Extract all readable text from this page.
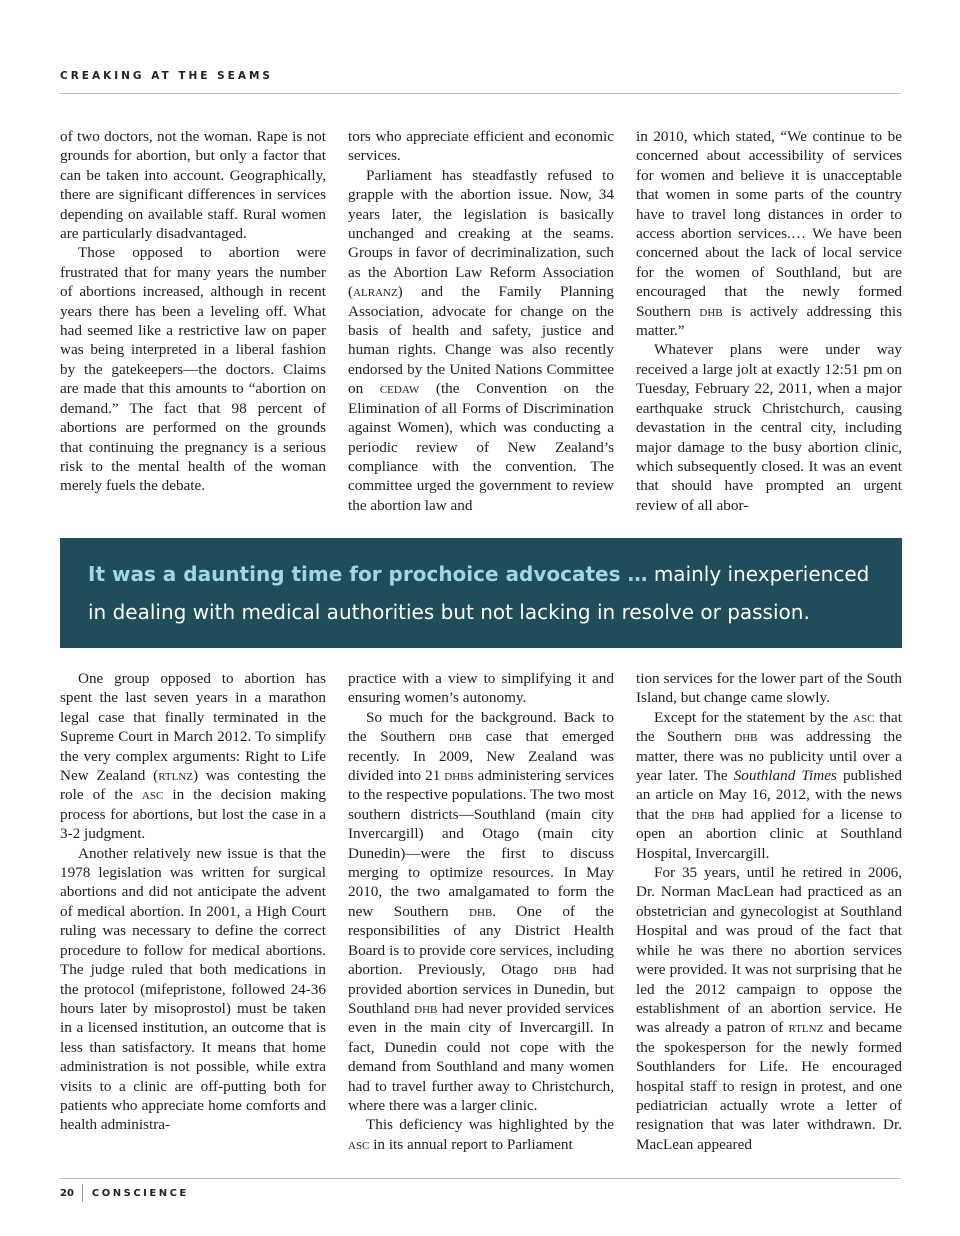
CREAKING AT THE SEAMS

of two doctors, not the woman. Rape is not grounds for abortion, but only a factor that can be taken into account. Geographically, there are significant differences in services depending on available staff. Rural women are particularly disadvantaged.

Those opposed to abortion were frustrated that for many years the number of abortions increased, although in recent years there has been a leveling off. What had seemed like a restrictive law on paper was being interpreted in a liberal fashion by the gatekeepers—the doctors. Claims are made that this amounts to “abortion on demand.” The fact that 98 percent of abortions are performed on the grounds that continuing the pregnancy is a serious risk to the mental health of the woman merely fuels the debate.

tors who appreciate efficient and economic services.

Parliament has steadfastly refused to grapple with the abortion issue. Now, 34 years later, the legislation is basically unchanged and creaking at the seams. Groups in favor of decriminalization, such as the Abortion Law Reform Association (alranz) and the Family Planning Association, advocate for change on the basis of health and safety, justice and human rights. Change was also recently endorsed by the United Nations Committee on cedaw (the Convention on the Elimination of all Forms of Discrimination against Women), which was conducting a periodic review of New Zealand’s compliance with the convention. The committee urged the government to review the abortion law and

in 2010, which stated, “We continue to be concerned about accessibility of services for women and believe it is unacceptable that women in some parts of the country have to travel long distances in order to access abortion services.… We have been concerned about the lack of local service for the women of Southland, but are encouraged that the newly formed Southern dhb is actively addressing this matter.”

Whatever plans were under way received a large jolt at exactly 12:51 pm on Tuesday, February 22, 2011, when a major earthquake struck Christchurch, causing devastation in the central city, including major damage to the busy abortion clinic, which subsequently closed. It was an event that should have prompted an urgent review of all abor-

It was a daunting time for prochoice advocates … mainly inexperienced in dealing with medical authorities but not lacking in resolve or passion.

One group opposed to abortion has spent the last seven years in a marathon legal case that finally terminated in the Supreme Court in March 2012. To simplify the very complex arguments: Right to Life New Zealand (rtlnz) was contesting the role of the asc in the decision making process for abortions, but lost the case in a 3-2 judgment.

Another relatively new issue is that the 1978 legislation was written for surgical abortions and did not anticipate the advent of medical abortion. In 2001, a High Court ruling was necessary to define the correct procedure to follow for medical abortions. The judge ruled that both medications in the protocol (mifepristone, followed 24-36 hours later by misoprostol) must be taken in a licensed institution, an outcome that is less than satisfactory. It means that home administration is not possible, while extra visits to a clinic are off-putting both for patients who appreciate home comforts and health administra-

practice with a view to simplifying it and ensuring women’s autonomy.

So much for the background. Back to the Southern dhb case that emerged recently. In 2009, New Zealand was divided into 21 dhbs administering services to the respective populations. The two most southern districts—Southland (main city Invercargill) and Otago (main city Dunedin)—were the first to discuss merging to optimize resources. In May 2010, the two amalgamated to form the new Southern dhb. One of the responsibilities of any District Health Board is to provide core services, including abortion. Previously, Otago dhb had provided abortion services in Dunedin, but Southland dhb had never provided services even in the main city of Invercargill. In fact, Dunedin could not cope with the demand from Southland and many women had to travel further away to Christchurch, where there was a larger clinic.

This deficiency was highlighted by the asc in its annual report to Parliament

tion services for the lower part of the South Island, but change came slowly.

Except for the statement by the asc that the Southern dhb was addressing the matter, there was no publicity until over a year later. The Southland Times published an article on May 16, 2012, with the news that the dhb had applied for a license to open an abortion clinic at Southland Hospital, Invercargill.

For 35 years, until he retired in 2006, Dr. Norman MacLean had practiced as an obstetrician and gynecologist at Southland Hospital and was proud of the fact that while he was there no abortion services were provided. It was not surprising that he led the 2012 campaign to oppose the establishment of an abortion service. He was already a patron of rtlnz and became the spokesperson for the newly formed Southlanders for Life. He encouraged hospital staff to resign in protest, and one pediatrician actually wrote a letter of resignation that was later withdrawn. Dr. MacLean appeared

20	CONSCIENCE
